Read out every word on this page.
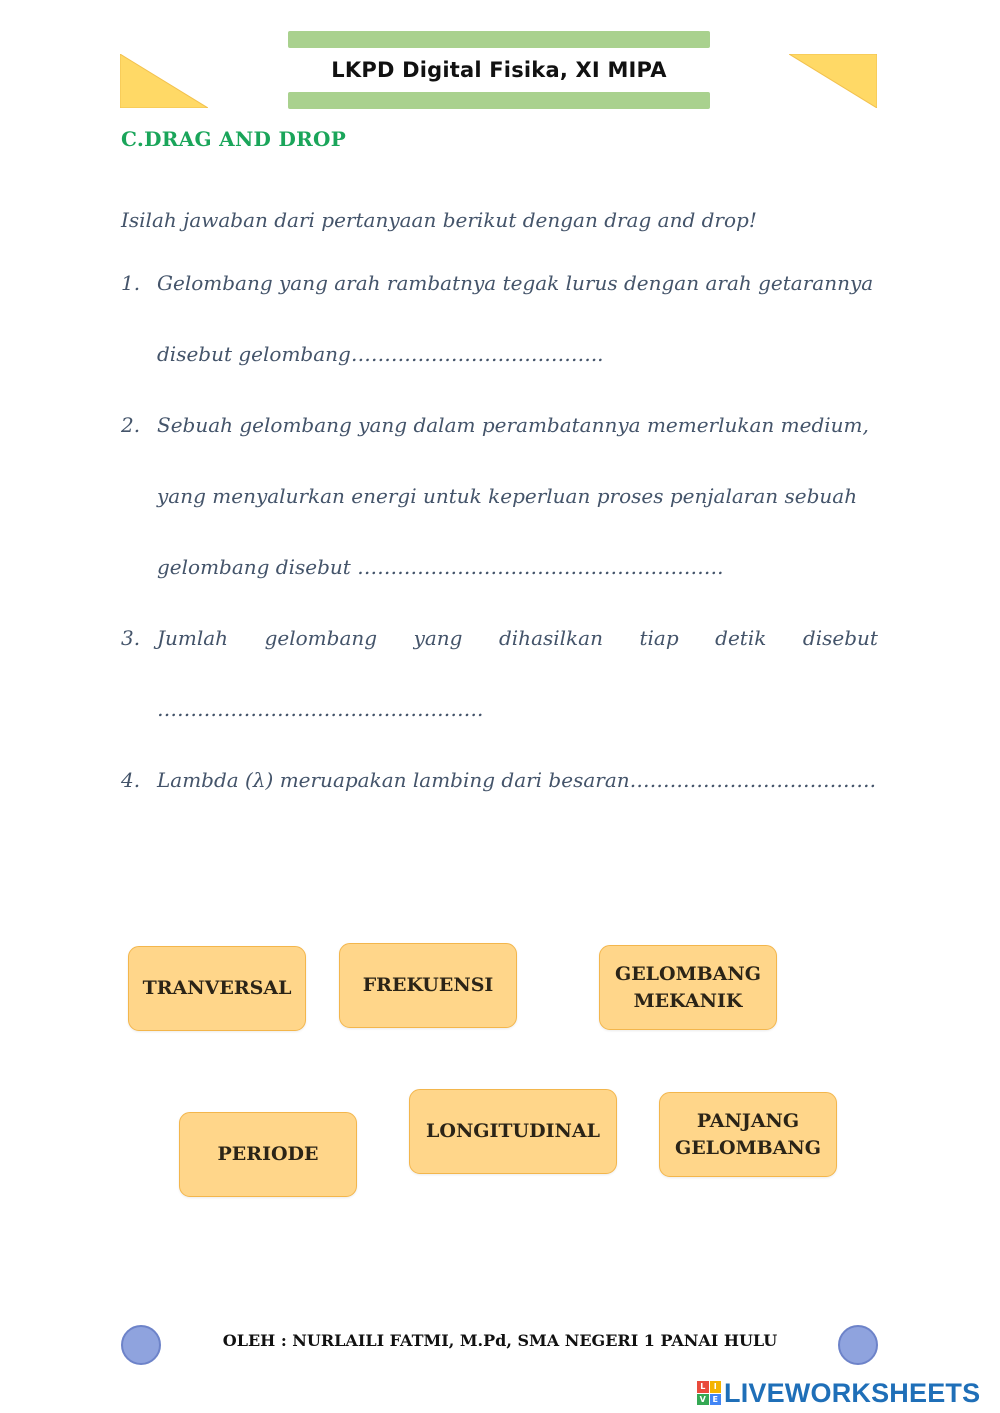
LKPD Digital Fisika, XI MIPA
C.DRAG AND DROP
Isilah jawaban dari pertanyaan berikut dengan drag and drop!
1. Gelombang yang arah rambatnya tegak lurus dengan arah getarannya
disebut gelombang………………………………..
2. Sebuah gelombang yang dalam perambatannya memerlukan medium,
yang menyalurkan energi untuk keperluan proses penjalaran sebuah
gelombang disebut ……………………………………………….
3. Jumlah gelombang yang dihasilkan tiap detik disebut
………………………………………….
4. Lambda (λ) meruapakan lambing dari besaran……………………………….
TRANVERSAL	FREKUENSI
GELOMBANG
MEKANIK
PERIODE
LONGITUDINAL	PANJANG
GELOMBANG
OLEH : NURLAILI FATMI, M.Pd, SMA NEGERI 1 PANAI HULU
L	I
V E LIVEWORKSHEETS
